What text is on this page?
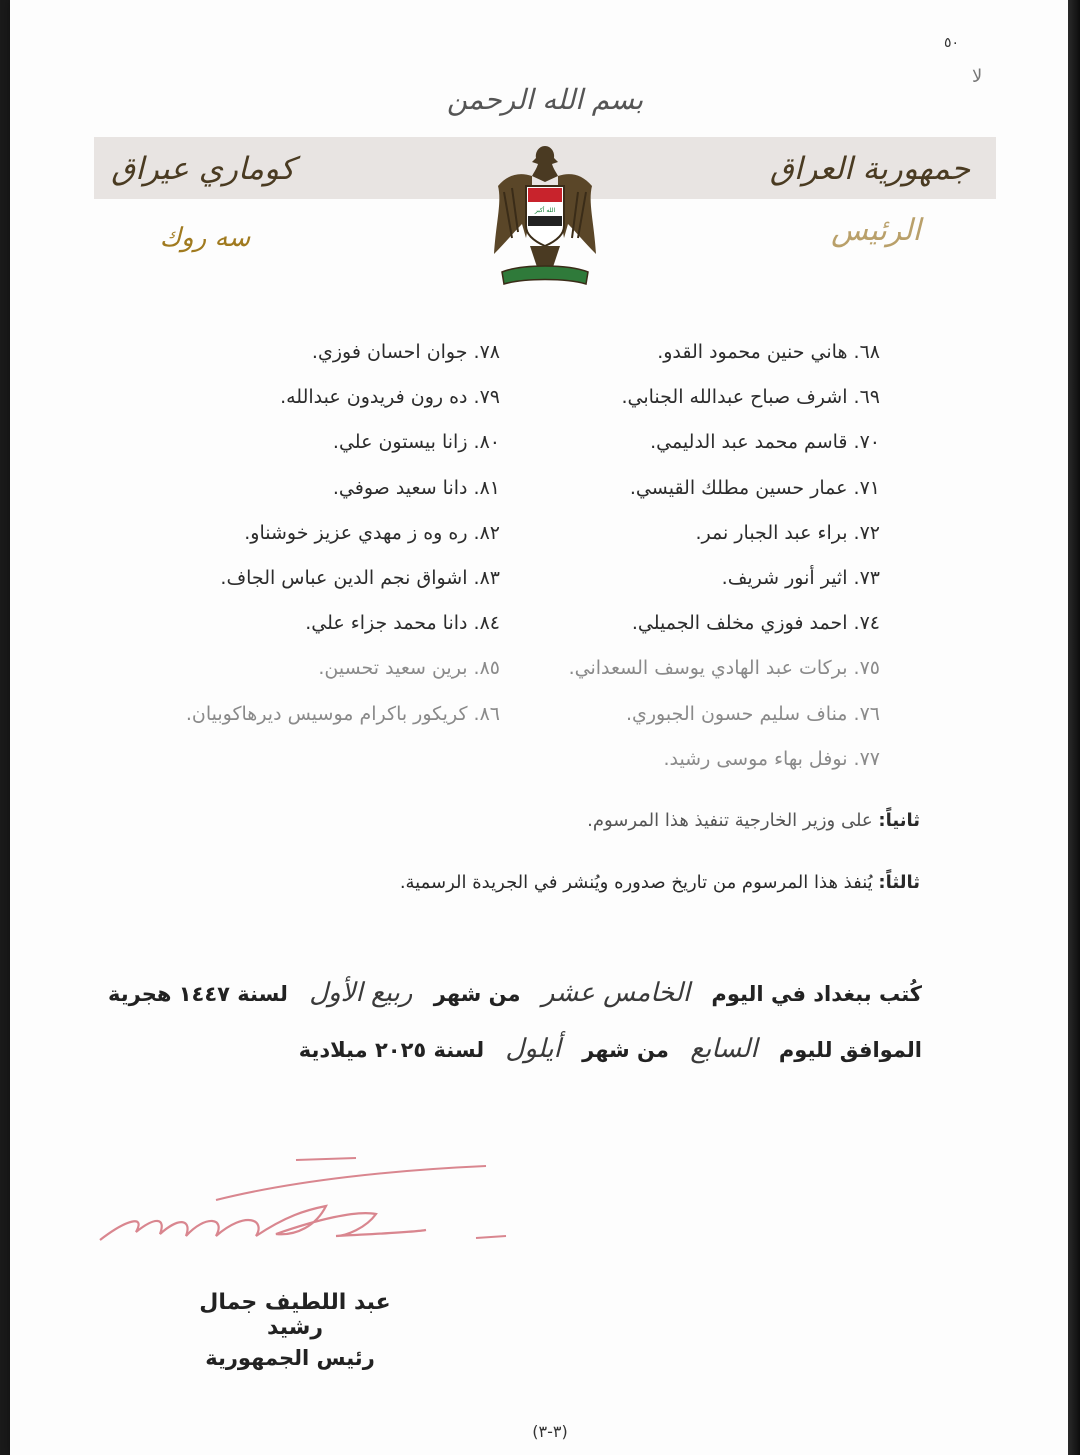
٥٠
ﻻ
بسم الله الرحمن
جمهورية العراق
كوماري عيراق
الرئيس
سه روك
الله أكبر
٦٨. هاني حنين محمود القدو.
٦٩. اشرف صباح عبدالله الجنابي.
٧٠. قاسم محمد عبد الدليمي.
٧١. عمار حسين مطلك القيسي.
٧٢. براء عبد الجبار نمر.
٧٣. اثير أنور شريف.
٧٤. احمد فوزي مخلف الجميلي.
٧٥. بركات عبد الهادي يوسف السعداني.
٧٦. مناف سليم حسون الجبوري.
٧٧. نوفل بهاء موسى رشيد.
٧٨. جوان احسان فوزي.
٧٩. ده رون فريدون عبدالله.
٨٠. زانا بيستون علي.
٨١. دانا سعيد صوفي.
٨٢. ره وه ز مهدي عزيز خوشناو.
٨٣. اشواق نجم الدين عباس الجاف.
٨٤. دانا محمد جزاء علي.
٨٥. برين سعيد تحسين.
٨٦. كريكور باكرام موسيس ديرهاكوبيان.
ثانياً: على وزير الخارجية تنفيذ هذا المرسوم.
ثالثاً: يُنفذ هذا المرسوم من تاريخ صدوره ويُنشر في الجريدة الرسمية.
كُتب ببغداد في اليوم الخامس عشر من شهر ربيع الأول لسنة ١٤٤٧ هجرية
الموافق لليوم السابع من شهر أيلول لسنة ٢٠٢٥ ميلادية
عبد اللطيف جمال رشيد
رئيس الجمهورية
(٣-٣)
